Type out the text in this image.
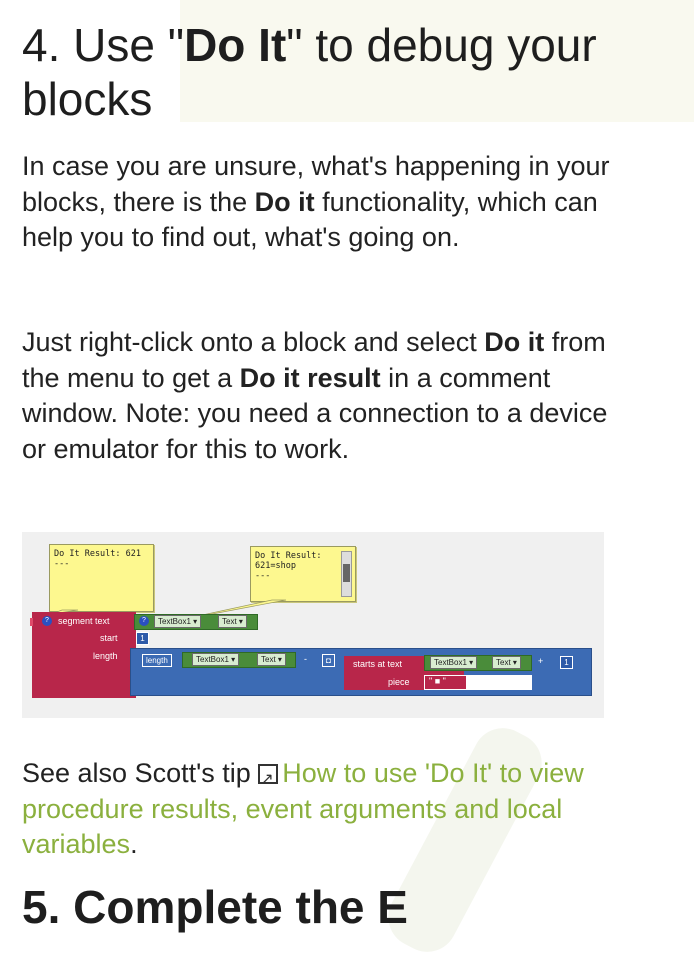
4. Use "Do It" to debug your blocks

In case you are unsure, what's happening in your blocks, there is the Do it functionality, which can help you to find out, what's going on.

Just right-click onto a block and select Do it from the menu to get a Do it result in a comment window. Note: you need a connection to a device or emulator for this to work.

Do It Result: 621
---
Do It Result:
621=shop
---
?	segment text
start
length
?	TextBox1 ▾	Text ▾
1
length	TextBox1 ▾	Text ▾	-	◘	starts at text
piece
TextBox1 ▾	Text ▾	+	1
" ■ "

See also Scott's tip ↗How to use 'Do It' to view procedure results, event arguments and local variables.

5. Complete the E
